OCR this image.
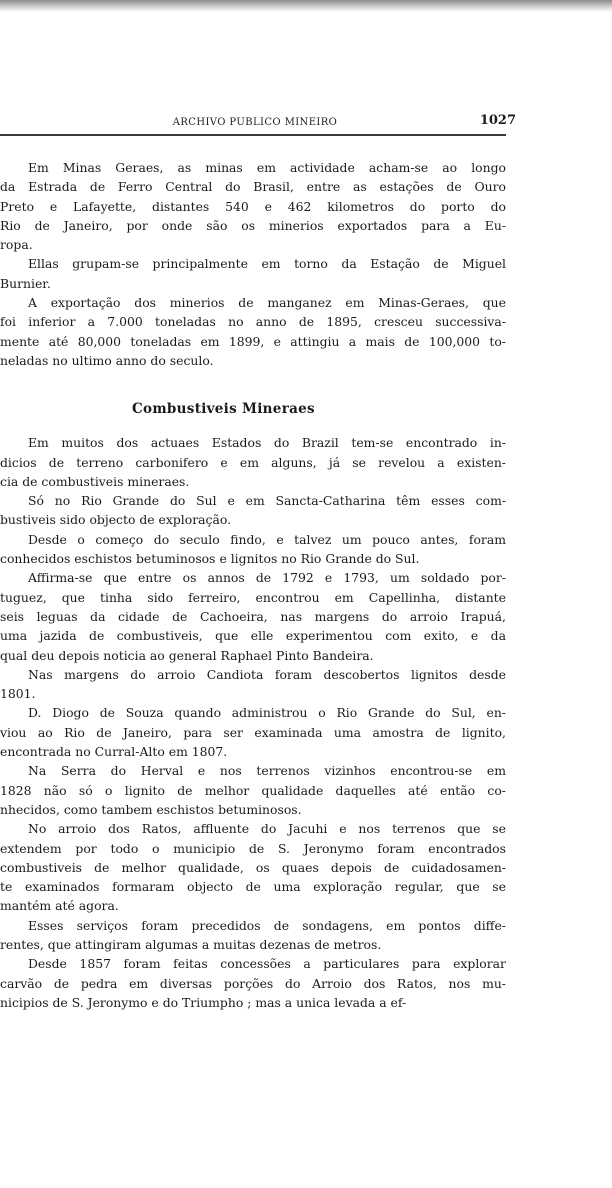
ARCHIVO PUBLICO MINEIRO	1027
Em Minas Geraes, as minas em actividade acham-se ao longo
da Estrada de Ferro Central do Brasil, entre as estações de Ouro
Preto e Lafayette, distantes 540 e 462 kilometros do porto do
Rio de Janeiro, por onde são os minerios exportados para a Eu-
ropa.
Ellas grupam-se principalmente em torno da Estação de Miguel
Burnier.
A exportação dos minerios de manganez em Minas-Geraes, que
foi inferior a 7.000 toneladas no anno de 1895, cresceu successiva-
mente até 80,000 toneladas em 1899, e attingiu a mais de 100,000 to-
neladas no ultimo anno do seculo.
Combustiveis Mineraes
Em muitos dos actuaes Estados do Brazil tem-se encontrado in-
dicios de terreno carbonifero e em alguns, já se revelou a existen-
cia de combustiveis mineraes.
Só no Rio Grande do Sul e em Sancta-Catharina têm esses com-
bustiveis sido objecto de exploração.
Desde o começo do seculo findo, e talvez um pouco antes, foram
conhecidos eschistos betuminosos e lignitos no Rio Grande do Sul.
Affirma-se que entre os annos de 1792 e 1793, um soldado por-
tuguez, que tinha sido ferreiro, encontrou em Capellinha, distante
seis leguas da cidade de Cachoeira, nas margens do arroio Irapuá,
uma jazida de combustiveis, que elle experimentou com exito, e da
qual deu depois noticia ao general Raphael Pinto Bandeira.
Nas margens do arroio Candiota foram descobertos lignitos desde
1801.
D. Diogo de Souza quando administrou o Rio Grande do Sul, en-
viou ao Rio de Janeiro, para ser examinada uma amostra de lignito,
encontrada no Curral-Alto em 1807.
Na Serra do Herval e nos terrenos vizinhos encontrou-se em
1828 não só o lignito de melhor qualidade daquelles até então co-
nhecidos, como tambem eschistos betuminosos.
No arroio dos Ratos, affluente do Jacuhi e nos terrenos que se
extendem por todo o municipio de S. Jeronymo foram encontrados
combustiveis de melhor qualidade, os quaes depois de cuidadosamen-
te examinados formaram objecto de uma exploração regular, que se
mantém até agora.
Esses serviços foram precedidos de sondagens, em pontos diffe-
rentes, que attingiram algumas a muitas dezenas de metros.
Desde 1857 foram feitas concessões a particulares para explorar
carvão de pedra em diversas porções do Arroio dos Ratos, nos mu-
nicipios de S. Jeronymo e do Triumpho ; mas a unica levada a ef-
